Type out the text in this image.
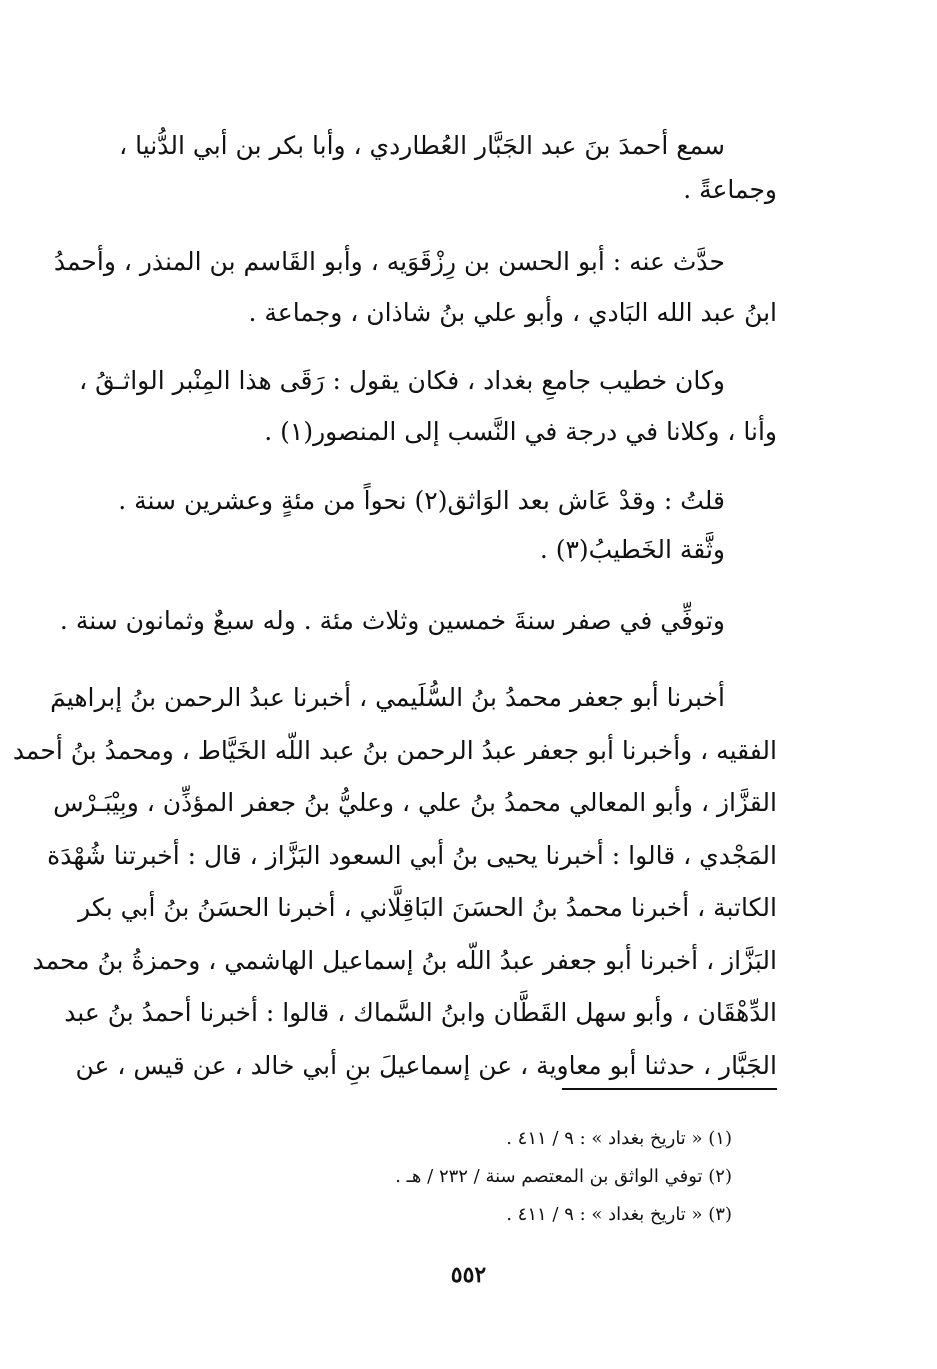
سمع أحمدَ بنَ عبد الجَبَّار العُطاردي ، وأبا بكر بن أبي الدُّنيا ،

وجماعةً .

حدَّث عنه : أبو الحسن بن رِزْقَوَيه ، وأبو القَاسم بن المنذر ، وأحمدُ

ابنُ عبد الله البَادي ، وأبو علي بنُ شاذان ، وجماعة .

وكان خطيب جامعِ بغداد ، فكان يقول : رَقَى هذا المِنْبر الواثـقُ ،

وأنا ، وكلانا في درجة في النَّسب إلى المنصور(١) .

قلتُ : وقدْ عَاش بعد الوَاثق(٢) نحواً من مئةٍ وعشرين سنة .

وثَّقة الخَطيبُ(٣) .

وتوفِّي في صفر سنةَ خمسين وثلاث مئة . وله سبعٌ وثمانون سنة .

أخبرنا أبو جعفر محمدُ بنُ السُّلَيمي ، أخبرنا عبدُ الرحمن بنُ إبراهيمَ
الفقيه ، وأخبرنا أبو جعفر عبدُ الرحمن بنُ عبد اللّه الخَيَّاط ، ومحمدُ بنُ أحمد
القزَّاز ، وأبو المعالي محمدُ بنُ علي ، وعليُّ بنُ جعفر المؤذِّن ، وبِيْبَـرْس
المَجْدي ، قالوا : أخبرنا يحيى بنُ أبي السعود البَزَّاز ، قال : أخبرتنا شُهْدَة
الكاتبة ، أخبرنا محمدُ بنُ الحسَنَ البَاقِلَّاني ، أخبرنا الحسَنُ بنُ أبي بكر
البَزَّاز ، أخبرنا أبو جعفر عبدُ اللّه بنُ إسماعيل الهاشمي ، وحمزةُ بنُ محمد
الدِّهْقَان ، وأبو سهل القَطَّان وابنُ السَّماك ، قالوا : أخبرنا أحمدُ بنُ عبد
الجَبَّار ، حدثنا أبو معاوية ، عن إسماعيلَ بنِ أبي خالد ، عن قيس ، عن
(١) « تاريخ بغداد » : ٩ / ٤١١ .
(٢) توفي الواثق بن المعتصم سنة / ٢٣٢ / هـ .
(٣) « تاريخ بغداد » : ٩ / ٤١١ .
٥٥٢
